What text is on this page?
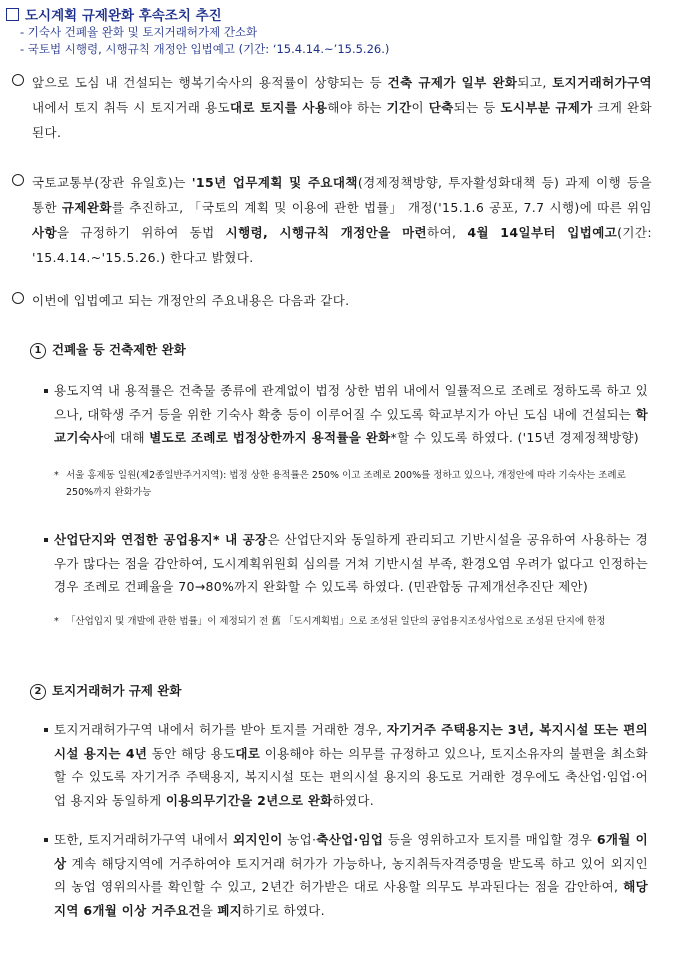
도시계획 규제완화 후속조치 추진
- 기숙사 건폐율 완화 및 토지거래허가제 간소화
- 국토법 시행령, 시행규칙 개정안 입법예고 (기간: ‘15.4.14.~’15.5.26.)
앞으로 도심 내 건설되는 행복기숙사의 용적률이 상향되는 등 건축 규제가 일부 완화되고, 토지거래허가구역 내에서 토지 취득 시 토지거래 용도대로 토지를 사용해야 하는 기간이 단축되는 등 도시부분 규제가 크게 완화된다.
국토교통부(장관 유일호)는 '15년 업무계획 및 주요대책(경제정책방향, 투자활성화대책 등) 과제 이행 등을 통한 규제완화를 추진하고, 「국토의 계획 및 이용에 관한 법률」 개정('15.1.6 공포, 7.7 시행)에 따른 위임사항을 규정하기 위하여 동법 시행령, 시행규칙 개정안을 마련하여, 4월 14일부터 입법예고(기간: '15.4.14.~'15.5.26.) 한다고 밝혔다.
이번에 입법예고 되는 개정안의 주요내용은 다음과 같다.
1 건폐율 등 건축제한 완화
용도지역 내 용적률은 건축물 종류에 관계없이 법정 상한 범위 내에서 일률적으로 조례로 정하도록 하고 있으나, 대학생 주거 등을 위한 기숙사 확충 등이 이루어질 수 있도록 학교부지가 아닌 도심 내에 건설되는 학교기숙사에 대해 별도로 조례로 법정상한까지 용적률을 완화*할 수 있도록 하였다. ('15년 경제정책방향)
* 서울 홍제동 일원(제2종일반주거지역): 법정 상한 용적률은 250% 이고 조례로 200%를 정하고 있으나, 개정안에 따라 기숙사는 조례로 250%까지 완화가능
산업단지와 연접한 공업용지* 내 공장은 산업단지와 동일하게 관리되고 기반시설을 공유하여 사용하는 경우가 많다는 점을 감안하여, 도시계획위원회 심의를 거쳐 기반시설 부족, 환경오염 우려가 없다고 인정하는 경우 조례로 건폐율을 70→80%까지 완화할 수 있도록 하였다. (민관합동 규제개선추진단 제안)
* 「산업입지 및 개발에 관한 법률」이 제정되기 전 舊 「도시계획법」으로 조성된 일단의 공업용지조성사업으로 조성된 단지에 한정
2 토지거래허가 규제 완화
토지거래허가구역 내에서 허가를 받아 토지를 거래한 경우, 자기거주 주택용지는 3년, 복지시설 또는 편의시설 용지는 4년 동안 해당 용도대로 이용해야 하는 의무를 규정하고 있으나, 토지소유자의 불편을 최소화할 수 있도록 자기거주 주택용지, 복지시설 또는 편의시설 용지의 용도로 거래한 경우에도 축산업·임업·어업 용지와 동일하게 이용의무기간을 2년으로 완화하였다.
또한, 토지거래허가구역 내에서 외지인이 농업·축산업·임업 등을 영위하고자 토지를 매입할 경우 6개월 이상 계속 해당지역에 거주하여야 토지거래 허가가 가능하나, 농지취득자격증명을 받도록 하고 있어 외지인의 농업 영위의사를 확인할 수 있고, 2년간 허가받은 대로 사용할 의무도 부과된다는 점을 감안하여, 해당지역 6개월 이상 거주요건을 폐지하기로 하였다.
